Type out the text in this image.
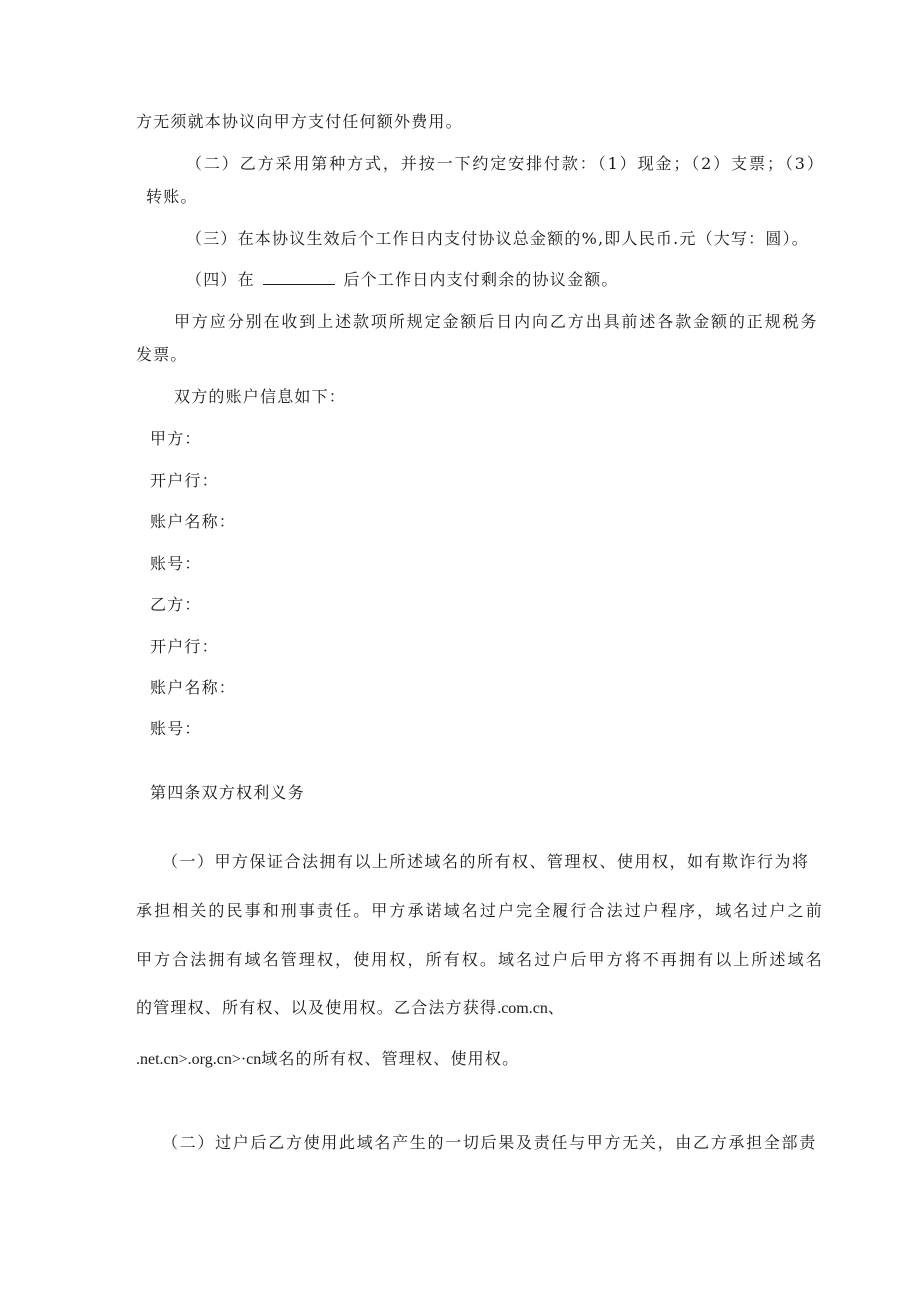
方无须就本协议向甲方支付任何额外费用。
（二）乙方采用第种方式，并按一下约定安排付款：（1）现金；（2）支票；（3）
转账。
（三）在本协议生效后个工作日内支付协议总金额的%,即人民币.元（大写：圆）。
（四）在	后个工作日内支付剩余的协议金额。
甲方应分别在收到上述款项所规定金额后日内向乙方出具前述各款金额的正规税务
发票。
双方的账户信息如下：
甲方：
开户行：
账户名称：
账号：
乙方：
开户行：
账户名称：
账号：
第四条双方权利义务
（一）甲方保证合法拥有以上所述域名的所有权、管理权、使用权，如有欺诈行为将
承担相关的民事和刑事责任。甲方承诺域名过户完全履行合法过户程序，域名过户之前
甲方合法拥有域名管理权，使用权，所有权。域名过户后甲方将不再拥有以上所述域名
的管理权、所有权、以及使用权。乙合法方获得.com.cn、
.net.cn>.org.cn>·cn域名的所有权、管理权、使用权。
（二）过户后乙方使用此域名产生的一切后果及责任与甲方无关，由乙方承担全部责
